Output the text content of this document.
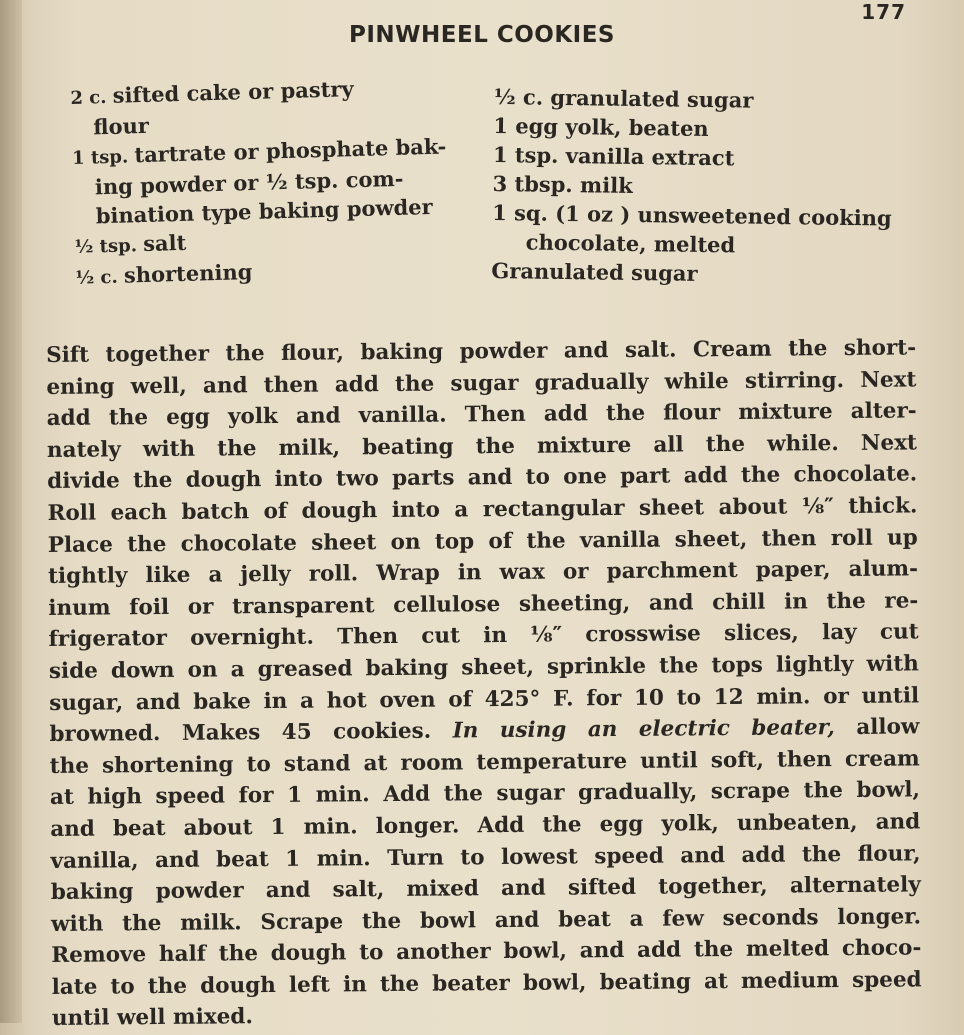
177
PINWHEEL COOKIES
2 c. sifted cake or pastry
flour
1 tsp. tartrate or phosphate bak-
ing powder or ½ tsp. com-
bination type baking powder
½ tsp. salt
½ c. shortening
½ c. granulated sugar
1 egg yolk, beaten
1 tsp. vanilla extract
3 tbsp. milk
1 sq. (1 oz ) unsweetened cooking
chocolate, melted
Granulated sugar
Sift together the flour, baking powder and salt. Cream the short-
ening well, and then add the sugar gradually while stirring. Next
add the egg yolk and vanilla. Then add the flour mixture alter-
nately with the milk, beating the mixture all the while. Next
divide the dough into two parts and to one part add the chocolate.
Roll each batch of dough into a rectangular sheet about ⅛″ thick.
Place the chocolate sheet on top of the vanilla sheet, then roll up
tightly like a jelly roll. Wrap in wax or parchment paper, alum-
inum foil or transparent cellulose sheeting, and chill in the re-
frigerator overnight. Then cut in ⅛″ crosswise slices, lay cut
side down on a greased baking sheet, sprinkle the tops lightly with
sugar, and bake in a hot oven of 425° F. for 10 to 12 min. or until
browned. Makes 45 cookies. In using an electric beater, allow
the shortening to stand at room temperature until soft, then cream
at high speed for 1 min. Add the sugar gradually, scrape the bowl,
and beat about 1 min. longer. Add the egg yolk, unbeaten, and
vanilla, and beat 1 min. Turn to lowest speed and add the flour,
baking powder and salt, mixed and sifted together, alternately
with the milk. Scrape the bowl and beat a few seconds longer.
Remove half the dough to another bowl, and add the melted choco-
late to the dough left in the beater bowl, beating at medium speed
until well mixed.
